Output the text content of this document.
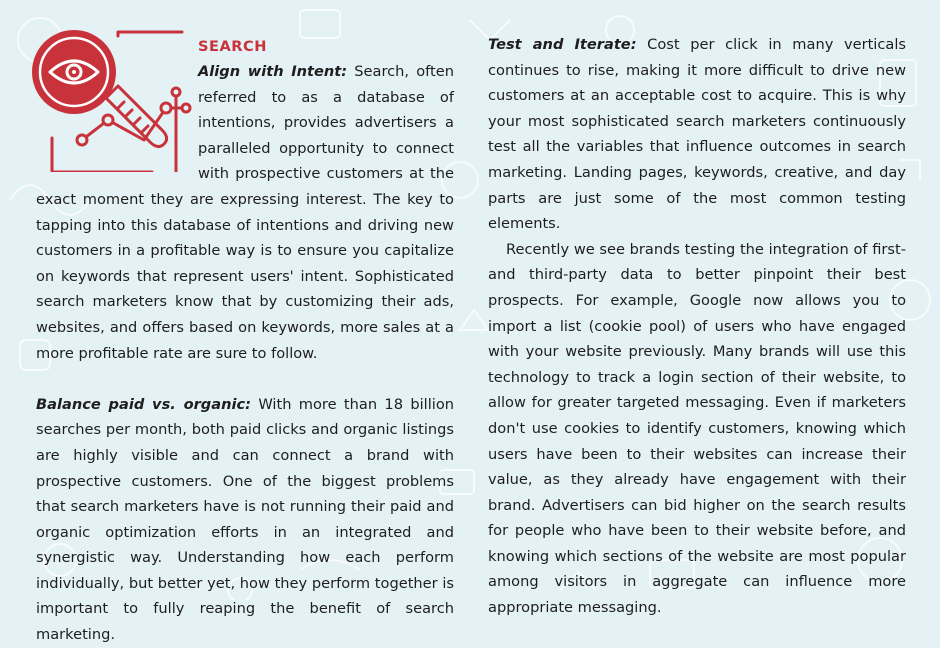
SEARCH

Align with Intent: Search, often referred to as a database of intentions, provides advertisers a paralleled opportunity to connect with prospective customers at the exact moment they are expressing interest. The key to tapping into this database of intentions and driving new customers in a profitable way is to ensure you capitalize on keywords that represent users' intent. Sophisticated search marketers know that by customizing their ads, websites, and offers based on keywords, more sales at a more profitable rate are sure to follow.

Balance paid vs. organic: With more than 18 billion searches per month, both paid clicks and organic listings are highly visible and can connect a brand with prospective customers. One of the biggest problems that search marketers have is not running their paid and organic optimization efforts in an integrated and synergistic way. Understanding how each perform individually, but better yet, how they perform together is important to fully reaping the benefit of search marketing.

Test and Iterate: Cost per click in many verticals continues to rise, making it more difficult to drive new customers at an acceptable cost to acquire. This is why your most sophisticated search marketers continuously test all the variables that influence outcomes in search marketing. Landing pages, keywords, creative, and day parts are just some of the most common testing elements.

Recently we see brands testing the integration of first- and third-party data to better pinpoint their best prospects. For example, Google now allows you to import a list (cookie pool) of users who have engaged with your website previously. Many brands will use this technology to track a login section of their website, to allow for greater targeted messaging. Even if marketers don't use cookies to identify customers, knowing which users have been to their websites can increase their value, as they already have engagement with their brand. Advertisers can bid higher on the search results for people who have been to their website before, and knowing which sections of the website are most popular among visitors in aggregate can influence more appropriate messaging.
